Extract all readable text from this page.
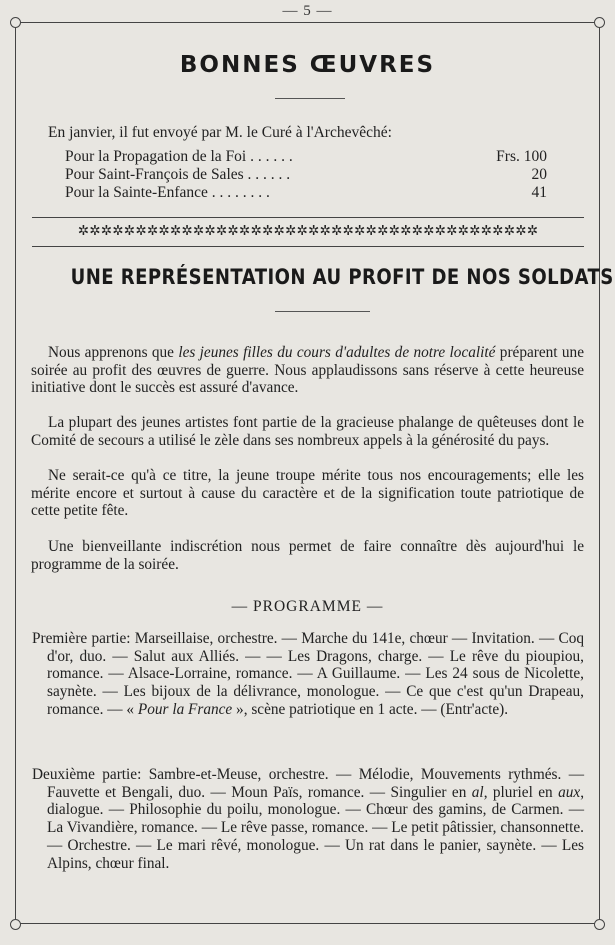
— 5 —
BONNES ŒUVRES
En janvier, il fut envoyé par M. le Curé à l'Archevêché:
Pour la Propagation de la Foi . . . . . .	Frs. 100
Pour Saint-François de Sales . . . . . .	20
Pour la Sainte-Enfance . . . . . . . .	41
✲✲✲✲✲✲✲✲✲✲✲✲✲✲✲✲✲✲✲✲✲✲✲✲✲✲✲✲✲✲✲✲✲✲✲✲✲✲✲✲
UNE REPRÉSENTATION AU PROFIT DE NOS SOLDATS
Nous apprenons que les jeunes filles du cours d'adultes de notre localité préparent une soirée au profit des œuvres de guerre. Nous applaudissons sans réserve à cette heureuse initiative dont le succès est assuré d'avance.
La plupart des jeunes artistes font partie de la gracieuse phalange de quêteuses dont le Comité de secours a utilisé le zèle dans ses nombreux appels à la générosité du pays.
Ne serait-ce qu'à ce titre, la jeune troupe mérite tous nos encouragements; elle les mérite encore et surtout à cause du caractère et de la signification toute patriotique de cette petite fête.
Une bienveillante indiscrétion nous permet de faire connaître dès aujourd'hui le programme de la soirée.
— PROGRAMME —
Première partie: Marseillaise, orchestre. — Marche du 141e, chœur — Invitation. — Coq d'or, duo. — Salut aux Alliés. — — Les Dragons, charge. — Le rêve du pioupiou, romance. — Alsace-Lorraine, romance. — A Guillaume. — Les 24 sous de Nicolette, saynète. — Les bijoux de la délivrance, monologue. — Ce que c'est qu'un Drapeau, romance. — « Pour la France », scène patriotique en 1 acte. — (Entr'acte).
Deuxième partie: Sambre-et-Meuse, orchestre. — Mélodie, Mouvements rythmés. — Fauvette et Bengali, duo. — Moun Païs, romance. — Singulier en al, pluriel en aux, dialogue. — Philosophie du poilu, monologue. — Chœur des gamins, de Carmen. — La Vivandière, romance. — Le rêve passe, romance. — Le petit pâtissier, chansonnette. — Orchestre. — Le mari rêvé, monologue. — Un rat dans le panier, saynète. — Les Alpins, chœur final.
